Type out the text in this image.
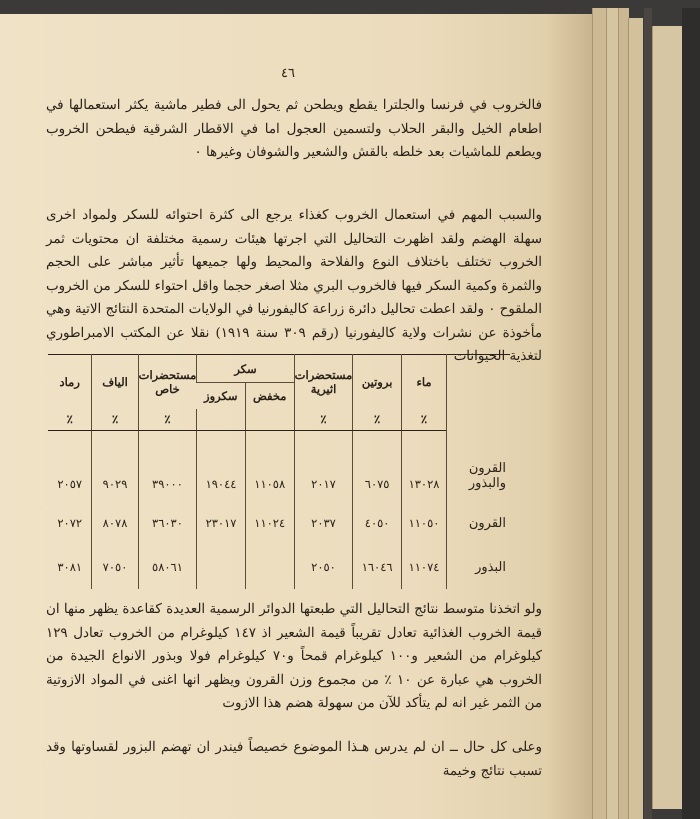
٤٦
فالخروب في فرنسا والجلترا يقطع ويطحن ثم يحول الى فطير ماشية يكثر استعمالها في اطعام الخيل والبقر الحلاب ولتسمين العجول اما في الاقطار الشرقية فيطحن الخروب ويطعم للماشيات بعد خلطه بالقش والشعير والشوفان وغيرها ٠
والسبب المهم في استعمال الخروب كغذاء يرجع الى كثرة احتوائه للسكر ولمواد اخرى سهلة الهضم ولقد اظهرت التحاليل التي اجرتها هيئات رسمية مختلفة ان محتويات ثمر الخروب تختلف باختلاف النوع والفلاحة والمحيط ولها جميعها تأثير مباشر على الحجم والثمرة وكمية السكر فيها فالخروب البري مثلا اصغر حجما واقل احتواء للسكر من الخروب الملقوح ٠ ولقد اعطت تحاليل دائرة زراعة كاليفورنيا في الولايات المتحدة النتائج الاتية وهي مأخوذة عن نشرات ولاية كاليفورنيا (رقم ٣٠٩ سنة ١٩١٩) نقلا عن المكتب الامبراطوري لتغذية الحيوانات
	ماء	بروتين	مستحضرات اثيرية	سكر		مستحضرات خاص	الياف	رماد
				مخفض	سكروز			
	٪	٪	٪			٪	٪	٪
القرون والبذور	١٣٠٢٨	٦٠٧٥	٢٠١٧	١١٠٥٨	١٩٠٤٤	٣٩٠٠٠	٩٠٢٩	٢٠٥٧
القرون	١١٠٥٠	٤٠٥٠	٢٠٣٧	١١٠٢٤	٢٣٠١٧	٣٦٠٣٠	٨٠٧٨	٢٠٧٢
البذور	١١٠٧٤	١٦٠٤٦	٢٠٥٠			٥٨٠٦١	٧٠٥٠	٣٠٨١
ولو اتخذنا متوسط نتائج التحاليل التي طبعتها الدوائر الرسمية العديدة كقاعدة يظهر منها ان قيمة الخروب الغذائية تعادل تقريباً قيمة الشعير اذ ١٤٧ كيلوغرام من الخروب تعادل ١٢٩ كيلوغرام من الشعير و١٠٠ كيلوغرام قمحاً و٧٠ كيلوغرام فولا وبذور الانواع الجيدة من الخروب هي عبارة عن ١٠ ٪ من مجموع وزن القرون ويظهر انها اغنى في المواد الازوتية من الثمر غير انه لم يتأكد للآن من سهولة هضم هذا الازوت
وعلى كل حال ــ ان لم يدرس هـذا الموضوع خصيصاً فيندر ان تهضم البزور لقساوتها وقد تسبب نتائج وخيمة
